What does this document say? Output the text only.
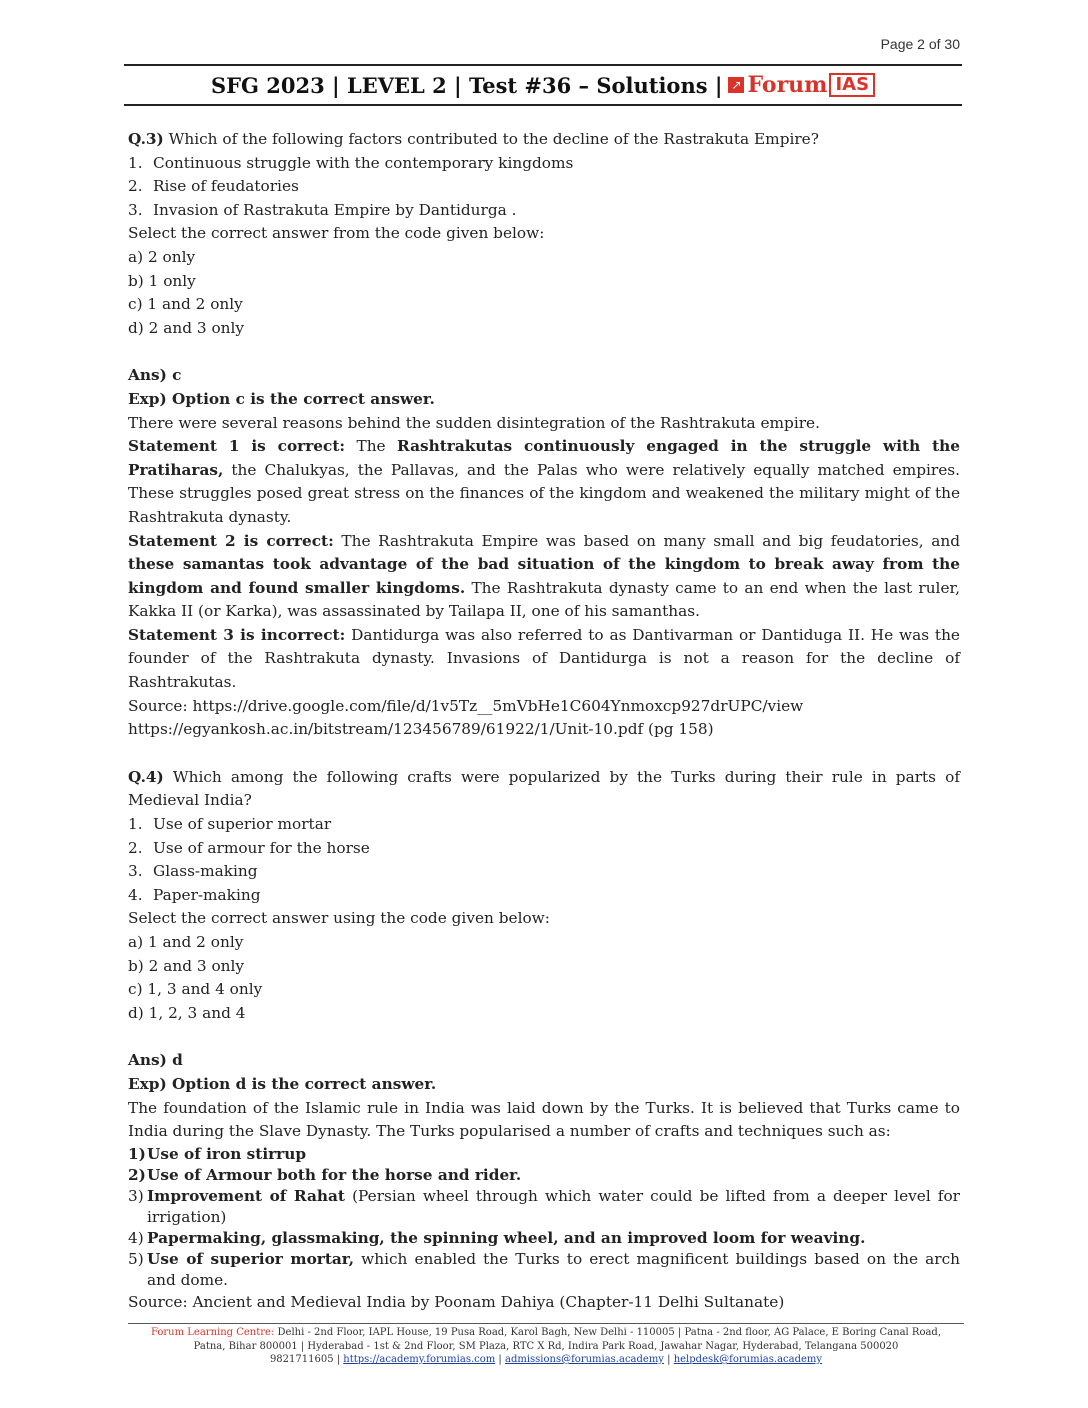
Page 2 of 30
SFG 2023 | LEVEL 2 | Test #36 – Solutions | ↗ Forum IAS

Q.3) Which of the following factors contributed to the decline of the Rastrakuta Empire?

1. Continuous struggle with the contemporary kingdoms
2. Rise of feudatories
3. Invasion of Rastrakuta Empire by Dantidurga .

Select the correct answer from the code given below:

a) 2 only

b) 1 only

c) 1 and 2 only

d) 2 and 3 only

Ans) c

Exp) Option c is the correct answer.

There were several reasons behind the sudden disintegration of the Rashtrakuta empire.

Statement 1 is correct: The Rashtrakutas continuously engaged in the struggle with the Pratiharas, the Chalukyas, the Pallavas, and the Palas who were relatively equally matched empires. These struggles posed great stress on the finances of the kingdom and weakened the military might of the Rashtrakuta dynasty.

Statement 2 is correct: The Rashtrakuta Empire was based on many small and big feudatories, and these samantas took advantage of the bad situation of the kingdom to break away from the kingdom and found smaller kingdoms. The Rashtrakuta dynasty came to an end when the last ruler, Kakka II (or Karka), was assassinated by Tailapa II, one of his samanthas.

Statement 3 is incorrect: Dantidurga was also referred to as Dantivarman or Dantiduga II. He was the founder of the Rashtrakuta dynasty. Invasions of Dantidurga is not a reason for the decline of Rashtrakutas.

Source: https://drive.google.com/file/d/1v5Tz__5mVbHe1C604Ynmoxcp927drUPC/view

https://egyankosh.ac.in/bitstream/123456789/61922/1/Unit-10.pdf (pg 158)

Q.4) Which among the following crafts were popularized by the Turks during their rule in parts of Medieval India?

1. Use of superior mortar
2. Use of armour for the horse
3. Glass-making
4. Paper-making

Select the correct answer using the code given below:

a) 1 and 2 only

b) 2 and 3 only

c) 1, 3 and 4 only

d) 1, 2, 3 and 4

Ans) d

Exp) Option d is the correct answer.

The foundation of the Islamic rule in India was laid down by the Turks. It is believed that Turks came to India during the Slave Dynasty. The Turks popularised a number of crafts and techniques such as:

1) Use of iron stirrup
2) Use of Armour both for the horse and rider.
3) Improvement of Rahat (Persian wheel through which water could be lifted from a deeper level for irrigation)
4) Papermaking, glassmaking, the spinning wheel, and an improved loom for weaving.
5) Use of superior mortar, which enabled the Turks to erect magnificent buildings based on the arch and dome.

Source: Ancient and Medieval India by Poonam Dahiya (Chapter-11 Delhi Sultanate)

Forum Learning Centre: Delhi - 2nd Floor, IAPL House, 19 Pusa Road, Karol Bagh, New Delhi - 110005 | Patna - 2nd floor, AG Palace, E Boring Canal Road,
Patna, Bihar 800001 | Hyderabad - 1st & 2nd Floor, SM Plaza, RTC X Rd, Indira Park Road, Jawahar Nagar, Hyderabad, Telangana 500020
9821711605 | https://academy.forumias.com | admissions@forumias.academy | helpdesk@forumias.academy
